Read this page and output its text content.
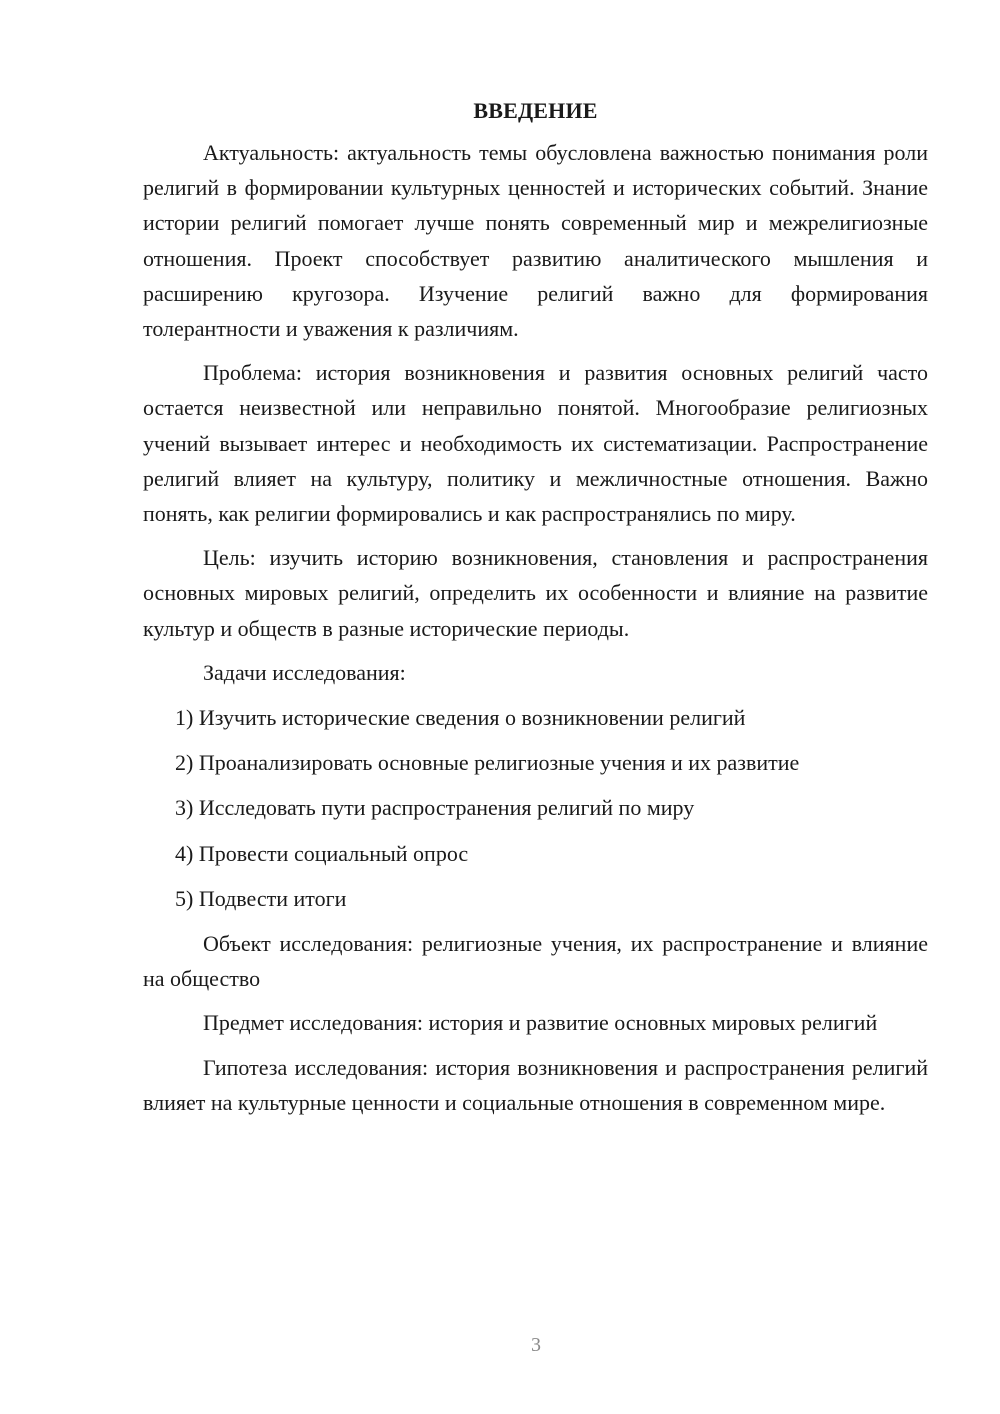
ВВЕДЕНИЕ

Актуальность: актуальность темы обусловлена важностью понимания роли религий в формировании культурных ценностей и исторических событий. Знание истории религий помогает лучше понять современный мир и межрелигиозные отношения. Проект способствует развитию аналитического мышления и расширению кругозора. Изучение религий важно для формирования толерантности и уважения к различиям.

Проблема: история возникновения и развития основных религий часто остается неизвестной или неправильно понятой. Многообразие религиозных учений вызывает интерес и необходимость их систематизации. Распространение религий влияет на культуру, политику и межличностные отношения. Важно понять, как религии формировались и как распространялись по миру.

Цель: изучить историю возникновения, становления и распространения основных мировых религий, определить их особенности и влияние на развитие культур и обществ в разные исторические периоды.

Задачи исследования:

1) Изучить исторические сведения о возникновении религий
2) Проанализировать основные религиозные учения и их развитие
3) Исследовать пути распространения религий по миру
4) Провести социальный опрос
5) Подвести итоги

Объект исследования: религиозные учения, их распространение и влияние на общество

Предмет исследования: история и развитие основных мировых религий

Гипотеза исследования: история возникновения и распространения религий влияет на культурные ценности и социальные отношения в современном мире.

3
